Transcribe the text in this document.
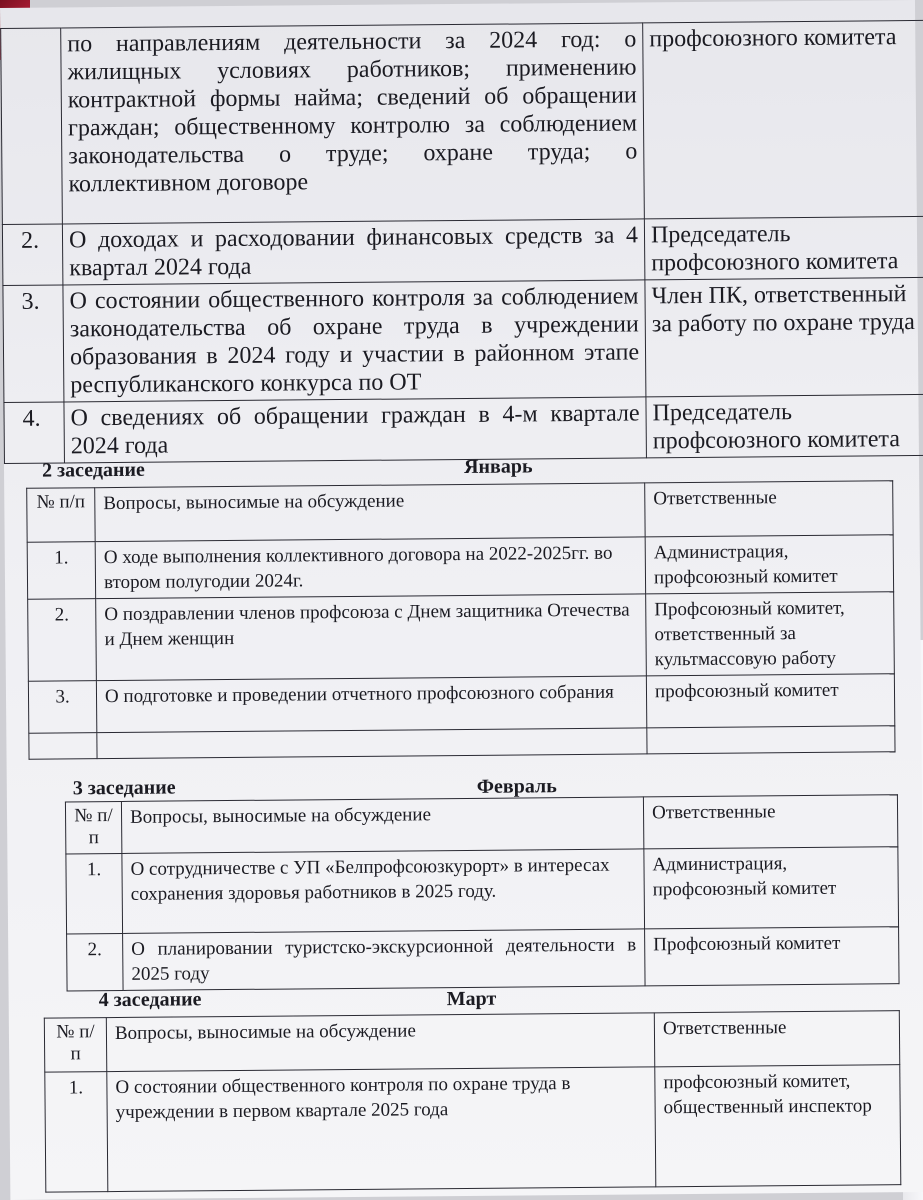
	по направлениям деятельности за 2024 год: о жилищных условиях работников; применению контрактной формы найма; сведений об обращении граждан; общественному контролю за соблюдением законодательства о труде; охране труда; о коллективном договоре	профсоюзного комитета
2.	О доходах и расходовании финансовых средств за 4 квартал 2024 года	Председатель профсоюзного комитета
3.	О состоянии общественного контроля за соблюдением законодательства об охране труда в учреждении образования в 2024 году и участии в районном этапе республиканского конкурса по ОТ	Член ПК, ответственный за работу по охране труда
4.	О сведениях об обращении граждан в 4-м квартале 2024 года	Председатель профсоюзного комитета
2 заседание	Январь
№ п/п	Вопросы, выносимые на обсуждение	Ответственные
1.	О ходе выполнения коллективного договора на 2022-2025гг. во втором полугодии 2024г.	Администрация, профсоюзный комитет
2.	О поздравлении членов профсоюза с Днем защитника Отечества и Днем женщин	Профсоюзный комитет, ответственный за культмассовую работу
3.	О подготовке и проведении отчетного профсоюзного собрания	профсоюзный комитет

3 заседание	Февраль
№ п/п	Вопросы, выносимые на обсуждение	Ответственные
1.	О сотрудничестве с УП «Белпрофсоюзкурорт» в интересах сохранения здоровья работников в 2025 году.	Администрация, профсоюзный комитет
2.	О планировании туристско-экскурсионной деятельности в 2025 году	Профсоюзный комитет
4 заседание	Март
№ п/п	Вопросы, выносимые на обсуждение	Ответственные
1.	О состоянии общественного контроля по охране труда в учреждении в первом квартале 2025 года	профсоюзный комитет, общественный инспектор
